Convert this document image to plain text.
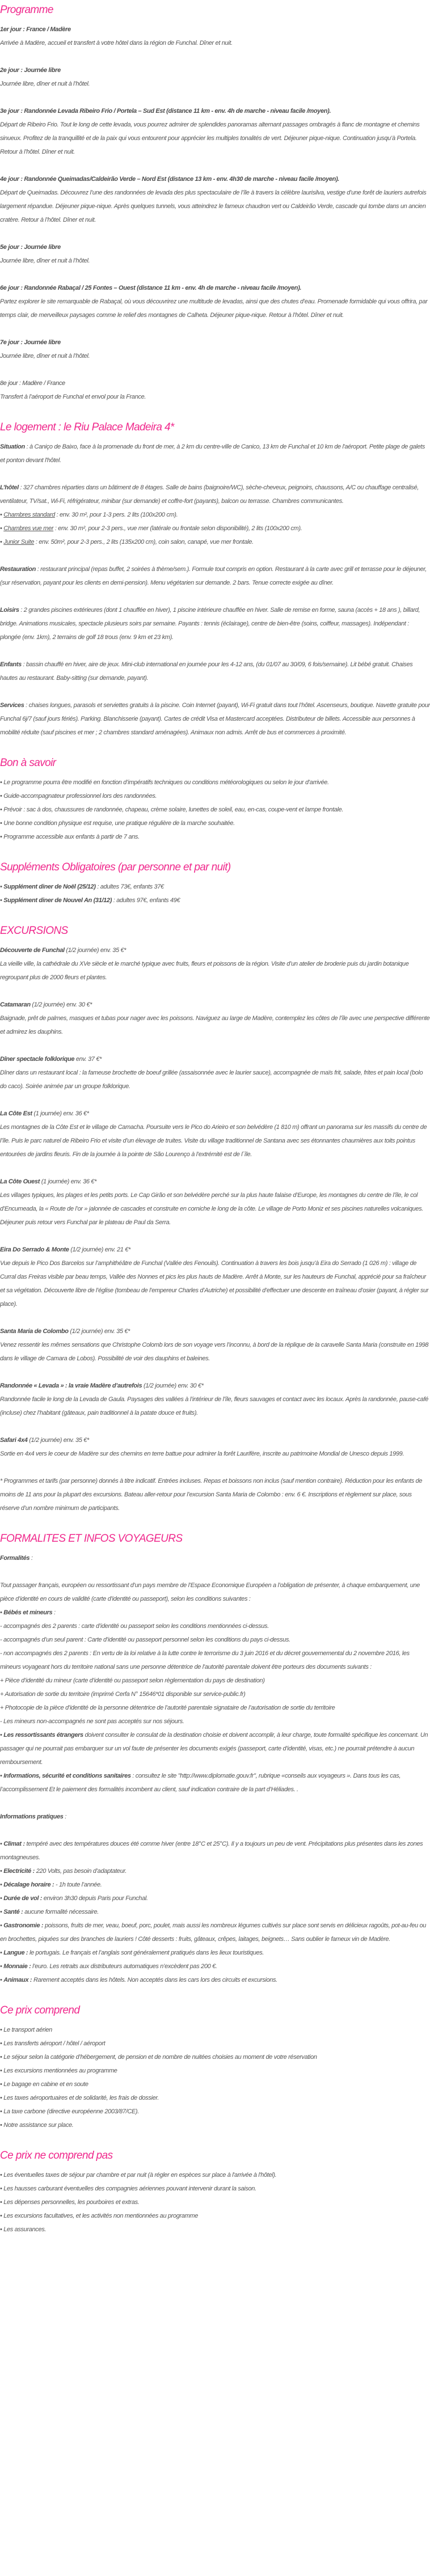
Programme

1er jour : France / Madère

Arrivée à Madère, accueil et transfert à votre hôtel dans la région de Funchal. Dîner et nuit.

2e jour : Journée libre

Journée libre, dîner et nuit à l’hôtel.

3e jour : Randonnée Levada Ribeiro Frio / Portela – Sud Est (distance 11 km - env. 4h de marche - niveau facile /moyen).

Départ de Ribeiro Frio. Tout le long de cette levada, vous pourrez admirer de splendides panoramas alternant passages ombragés à flanc de montagne et chemins sinueux. Profitez de la tranquillité et de la paix qui vous entourent pour apprécier les multiples tonalités de vert. Déjeuner pique-nique. Continuation jusqu’à Portela. Retour à l’hôtel. Dîner et nuit.

4e jour : Randonnée Queimadas/Caldeirão Verde – Nord Est (distance 13 km - env. 4h30 de marche - niveau facile /moyen).

Départ de Queimadas. Découvrez l’une des randonnées de levada des plus spectaculaire de l’île à travers la célèbre laurisilva, vestige d’une forêt de lauriers autrefois largement répandue. Déjeuner pique-nique. Après quelques tunnels, vous atteindrez le fameux chaudron vert ou Caldeirão Verde, cascade qui tombe dans un ancien cratère. Retour à l’hôtel. Dîner et nuit.

5e jour : Journée libre

Journée libre, dîner et nuit à l’hôtel.

6e jour : Randonnée Rabaçal / 25 Fontes – Ouest (distance 11 km - env. 4h de marche - niveau facile /moyen).

Partez explorer le site remarquable de Rabaçal, où vous découvrirez une multitude de levadas, ainsi que des chutes d’eau. Promenade formidable qui vous offrira, par temps clair, de merveilleux paysages comme le relief des montagnes de Calheta. Déjeuner pique-nique. Retour à l’hôtel. Dîner et nuit.

7e jour : Journée libre

Journée libre, dîner et nuit à l’hôtel.

8e jour : Madère / France

Transfert à l’aéroport de Funchal et envol pour la France.

Le logement : le Riu Palace Madeira 4*

Situation : à Caniço de Baixo, face à la promenade du front de mer, à 2 km du centre-ville de Canico, 13 km de Funchal et 10 km de l'aéroport. Petite plage de galets et ponton devant l'hôtel.

L’hôtel : 327 chambres réparties dans un bâtiment de 8 étages. Salle de bains (baignoire/WC), sèche-cheveux, peignoirs, chaussons, A/C ou chauffage centralisé, ventilateur, TV/sat., Wi-Fi, réfrigérateur, minibar (sur demande) et coffre-fort (payants), balcon ou terrasse. Chambres communicantes.

• Chambres standard : env. 30 m², pour 1-3 pers. 2 lits (100x200 cm).

• Chambres vue mer : env. 30 m², pour 2-3 pers., vue mer (latérale ou frontale selon disponibilité), 2 lits (100x200 cm).

• Junior Suite : env. 50m², pour 2-3 pers., 2 lits (135x200 cm), coin salon, canapé, vue mer frontale.

Restauration : restaurant principal (repas buffet, 2 soirées à thème/sem.). Formule tout compris en option. Restaurant à la carte avec grill et terrasse pour le déjeuner, (sur réservation, payant pour les clients en demi-pension). Menu végétarien sur demande. 2 bars. Tenue correcte exigée au dîner.

Loisirs : 2 grandes piscines extérieures (dont 1 chauffée en hiver), 1 piscine intérieure chauffée en hiver. Salle de remise en forme, sauna (accès + 18 ans ), billard, bridge. Animations musicales, spectacle plusieurs soirs par semaine. Payants : tennis (éclairage), centre de bien-être (soins, coiffeur, massages). Indépendant : plongée (env. 1km), 2 terrains de golf 18 trous (env. 9 km et 23 km).

Enfants : bassin chauffé en hiver, aire de jeux. Mini-club international en journée pour les 4-12 ans, (du 01/07 au 30/09, 6 fois/semaine). Lit bébé gratuit. Chaises hautes au restaurant. Baby-sitting (sur demande, payant).

Services : chaises longues, parasols et serviettes gratuits à la piscine. Coin Internet (payant), Wi-Fi gratuit dans tout l’hôtel. Ascenseurs, boutique. Navette gratuite pour Funchal 6j/7 (sauf jours fériés). Parking. Blanchisserie (payant). Cartes de crédit Visa et Mastercard acceptées. Distributeur de billets. Accessible aux personnes à mobilité réduite (sauf piscines et mer ; 2 chambres standard aménagées). Animaux non admis. Arrêt de bus et commerces à proximité.

Bon à savoir

• Le programme pourra être modifié en fonction d’impératifs techniques ou conditions météorologiques ou selon le jour d’arrivée.

• Guide-accompagnateur professionnel lors des randonnées.

• Prévoir : sac à dos, chaussures de randonnée, chapeau, crème solaire, lunettes de soleil, eau, en-cas, coupe-vent et lampe frontale.

• Une bonne condition physique est requise, une pratique régulière de la marche souhaitée.

• Programme accessible aux enfants à partir de 7 ans.

Suppléments Obligatoires (par personne et par nuit)

• Supplément diner de Noël (25/12) : adultes 73€, enfants 37€

• Supplément diner de Nouvel An (31/12) : adultes 97€, enfants 49€

EXCURSIONS

Découverte de Funchal (1/2 journée) env. 35 €*

La vieille ville, la cathédrale du XVe siècle et le marché typique avec fruits, fleurs et poissons de la région. Visite d’un atelier de broderie puis du jardin botanique regroupant plus de 2000 fleurs et plantes.

Catamaran (1/2 journée) env. 30 €*

Baignade, prêt de palmes, masques et tubas pour nager avec les poissons. Naviguez au large de Madère, contemplez les côtes de l’île avec une perspective différente et admirez les dauphins.

Dîner spectacle folklorique env. 37 €*

Dîner dans un restaurant local : la fameuse brochette de boeuf grillée (assaisonnée avec le laurier sauce), accompagnée de maïs frit, salade, frites et pain local (bolo do caco). Soirée animée par un groupe folklorique.

La Côte Est (1 journée) env. 36 €*

Les montagnes de la Côte Est et le village de Camacha. Poursuite vers le Pico do Arieiro et son belvédère (1 810 m) offrant un panorama sur les massifs du centre de l’île. Puis le parc naturel de Ribeiro Frio et visite d’un élevage de truites. Visite du village traditionnel de Santana avec ses étonnantes chaumières aux toits pointus entourées de jardins fleuris. Fin de la journée à la pointe de São Lourenço à l’extrémité est de l´île.

La Côte Ouest (1 journée) env. 36 €*

Les villages typiques, les plages et les petits ports. Le Cap Girão et son belvédère perché sur la plus haute falaise d’Europe, les montagnes du centre de l’île, le col d’Encumeada, la « Route de l’or » jalonnée de cascades et construite en corniche le long de la côte. Le village de Porto Moniz et ses piscines naturelles volcaniques. Déjeuner puis retour vers Funchal par le plateau de Paul da Serra.

Eira Do Serrado & Monte (1/2 journée) env. 21 €*

Vue depuis le Pico Dos Barcelos sur l’amphithéâtre de Funchal (Vallée des Fenouils). Continuation à travers les bois jusqu’à Eira do Serrado (1 026 m) : village de Curral das Freiras visible par beau temps, Vallée des Nonnes et pics les plus hauts de Madère. Arrêt à Monte, sur les hauteurs de Funchal, apprécié pour sa fraîcheur et sa végétation. Découverte libre de l’église (tombeau de l’empereur Charles d’Autriche) et possibilité d’effectuer une descente en traîneau d’osier (payant, à régler sur place).

Santa Maria de Colombo (1/2 journée) env. 35 €*

Venez ressentir les mêmes sensations que Christophe Colomb lors de son voyage vers l’inconnu, à bord de la réplique de la caravelle Santa Maria (construite en 1998 dans le village de Camara de Lobos). Possibilité de voir des dauphins et baleines.

Randonnée « Levada » : la vraie Madère d’autrefois (1/2 journée) env. 30 €*

Randonnée facile le long de la Levada de Gaula. Paysages des vallées à l’intérieur de l’île, fleurs sauvages et contact avec les locaux. Après la randonnée, pause-café (incluse) chez l’habitant (gâteaux, pain traditionnel à la patate douce et fruits).

Safari 4x4 (1/2 journée) env. 35 €*

Sortie en 4x4 vers le coeur de Madère sur des chemins en terre battue pour admirer la forêt Laurifère, inscrite au patrimoine Mondial de Unesco depuis 1999.

* Programmes et tarifs (par personne) donnés à titre indicatif. Entrées incluses. Repas et boissons non inclus (sauf mention contraire). Réduction pour les enfants de moins de 11 ans pour la plupart des excursions. Bateau aller-retour pour l’excursion Santa Maria de Colombo : env. 6 €. Inscriptions et règlement sur place, sous réserve d’un nombre minimum de participants.

FORMALITES ET INFOS VOYAGEURS

Formalités :

Tout passager français, européen ou ressortissant d’un pays membre de l’Espace Economique Européen a l’obligation de présenter, à chaque embarquement, une pièce d’identité en cours de validité (carte d’identité ou passeport), selon les conditions suivantes :

• Bébés et mineurs :

- accompagnés des 2 parents : carte d’identité ou passeport selon les conditions mentionnées ci-dessus.

- accompagnés d’un seul parent : Carte d’identité ou passeport personnel selon les conditions du pays ci-dessus.

- non accompagnés des 2 parents : En vertu de la loi relative à la lutte contre le terrorisme du 3 juin 2016 et du décret gouvernemental du 2 novembre 2016, les mineurs voyageant hors du territoire national sans une personne détentrice de l’autorité parentale doivent être porteurs des documents suivants :

+ Pièce d’identité du mineur (carte d’identité ou passeport selon règlementation du pays de destination)

+ Autorisation de sortie du territoire (imprimé Cerfa N° 15646*01 disponible sur service-public.fr)

+ Photocopie de la pièce d’identité de la personne détentrice de l’autorité parentale signataire de l’autorisation de sortie du territoire

- Les mineurs non-accompagnés ne sont pas acceptés sur nos séjours.

• Les ressortissants étrangers doivent consulter le consulat de la destination choisie et doivent accomplir, à leur charge, toute formalité spécifique les concernant. Un passager qui ne pourrait pas embarquer sur un vol faute de présenter les documents exigés (passeport, carte d’identité, visas, etc.) ne pourrait prétendre à aucun remboursement.

• Informations, sécurité et conditions sanitaires : consultez le site "http://www.diplomatie.gouv.fr", rubrique «conseils aux voyageurs ». Dans tous les cas, l’accomplissement Et le paiement des formalités incombent au client, sauf indication contraire de la part d’Héliades. .

Informations pratiques :

• Climat : tempéré avec des températures douces été comme hiver (entre 18°C et 25°C). Il y a toujours un peu de vent. Précipitations plus présentes dans les zones montagneuses.

• Electricité : 220 Volts, pas besoin d’adaptateur.

• Décalage horaire : - 1h toute l’année.

• Durée de vol : environ 3h30 depuis Paris pour Funchal.

• Santé : aucune formalité nécessaire.

• Gastronomie : poissons, fruits de mer, veau, boeuf, porc, poulet, mais aussi les nombreux légumes cultivés sur place sont servis en délicieux ragoûts, pot-au-feu ou en brochettes, piquées sur des branches de lauriers ! Côté desserts : fruits, gâteaux, crêpes, laitages, beignets… Sans oublier le fameux vin de Madère.

• Langue : le portugais. Le français et l’anglais sont généralement pratiqués dans les lieux touristiques.

• Monnaie : l’euro. Les retraits aux distributeurs automatiques n’excèdent pas 200 €.

• Animaux : Rarement acceptés dans les hôtels. Non acceptés dans les cars lors des circuits et excursions.

Ce prix comprend

• Le transport aérien

• Les transferts aéroport / hôtel / aéroport

• Le séjour selon la catégorie d’hébergement, de pension et de nombre de nuitées choisies au moment de votre réservation

• Les excursions mentionnées au programme

• Le bagage en cabine et en soute

• Les taxes aéroportuaires et de solidarité, les frais de dossier.

• La taxe carbone (directive européenne 2003/87/CE).

• Notre assistance sur place.

Ce prix ne comprend pas

• Les éventuelles taxes de séjour par chambre et par nuit (à régler en espèces sur place à l'arrivée à l'hôtel).

• Les hausses carburant éventuelles des compagnies aériennes pouvant intervenir durant la saison.

• Les dépenses personnelles, les pourboires et extras.

• Les excursions facultatives, et les activités non mentionnées au programme

• Les assurances.
